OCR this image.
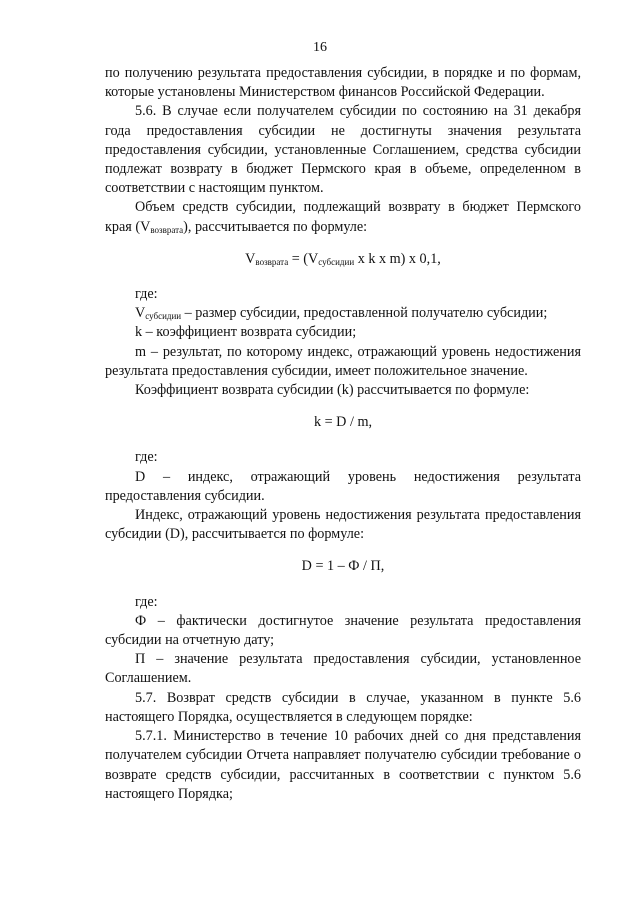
16

по получению результата предоставления субсидии, в порядке и по формам, которые установлены Министерством финансов Российской Федерации.

5.6. В случае если получателем субсидии по состоянию на 31 декабря года предоставления субсидии не достигнуты значения результата предоставления субсидии, установленные Соглашением, средства субсидии подлежат возврату в бюджет Пермского края в объеме, определенном в соответствии с настоящим пунктом.

Объем средств субсидии, подлежащий возврату в бюджет Пермского края $(V_{возврата})$, рассчитывается по формуле:

$V_{возврата} = (V_{субсидии}$ x k x m) x 0,1,

где:

$V_{субсидии}$ – размер субсидии, предоставленной получателю субсидии;

k – коэффициент возврата субсидии;

m – результат, по которому индекс, отражающий уровень недостижения результата предоставления субсидии, имеет положительное значение.

Коэффициент возврата субсидии (k) рассчитывается по формуле:

k = D / m,

где:

D – индекс, отражающий уровень недостижения результата предоставления субсидии.

Индекс, отражающий уровень недостижения результата предоставления субсидии (D), рассчитывается по формуле:

D = 1 – Ф / П,

где:

Ф – фактически достигнутое значение результата предоставления субсидии на отчетную дату;

П – значение результата предоставления субсидии, установленное Соглашением.

5.7. Возврат средств субсидии в случае, указанном в пункте 5.6 настоящего Порядка, осуществляется в следующем порядке:

5.7.1. Министерство в течение 10 рабочих дней со дня представления получателем субсидии Отчета направляет получателю субсидии требование о возврате средств субсидии, рассчитанных в соответствии с пунктом 5.6 настоящего Порядка;
